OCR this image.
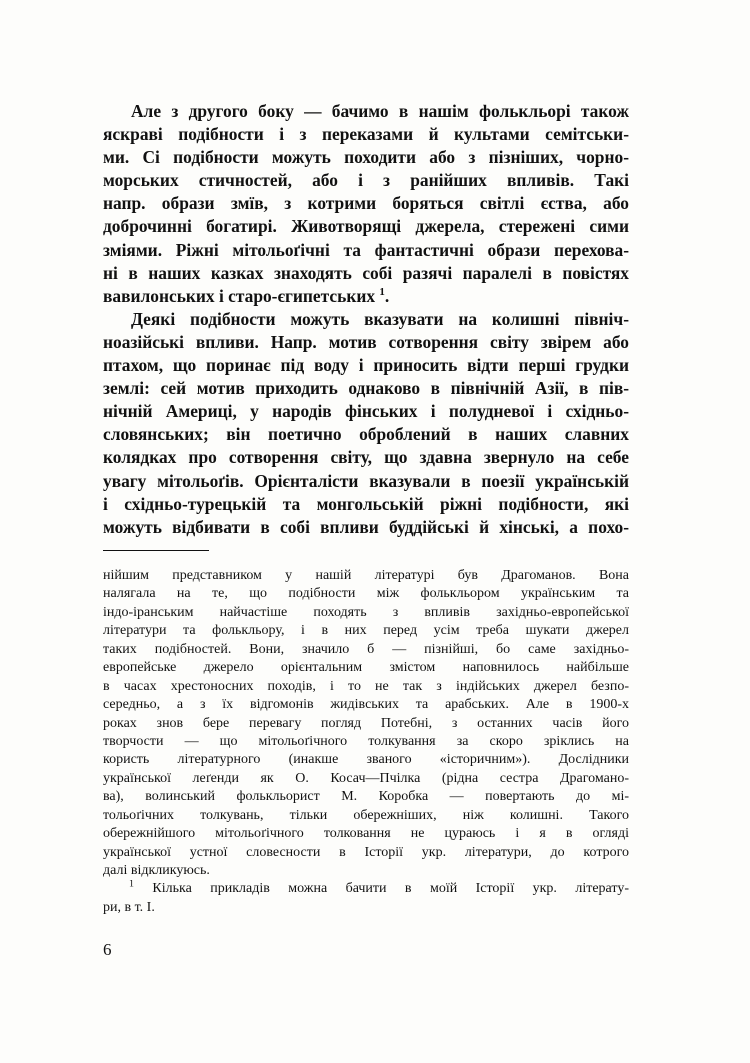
Але з другого боку — бачимо в нашім фолькльорі також
яскраві подібности і з переказами й культами семітськи-
ми. Сі подібности можуть походити або з пізніших, чорно-
морських стичностей, або і з ранійших впливів. Такі
напр. образи змїв, з котрими боряться світлі єства, або
доброчинні богатирі. Животворящі джерела, стережені сими
зміями. Ріжні мітольоґічні та фантастичні образи перехова-
ні в наших казках знаходять собі разячі паралелі в повістях
вавилонських і старо-єгипетських $^1$.
Деякі подібности можуть вказувати на колишні північ-
ноазійські впливи. Напр. мотив сотворення світу звірем або
птахом, що поринає під воду і приносить відти перші грудки
землі: сей мотив приходить однаково в північній Азії, в пів-
нічній Америці, у народів фінських і полудневої і східньо-
словянських; він поетично оброблений в наших славних
колядках про сотворення світу, що здавна звернуло на себе
увагу мітольоґів. Орієнталісти вказували в поезії українській
і східньо-турецькій та монгольській ріжні подібности, які
можуть відбивати в собі впливи буддійські й хінські, а похо-
нійшим представником у нашій літературі був Драгоманов. Вона
налягала на те, що подібности між фолькльором українським та
індо-іранським найчастіше походять з впливів західньо-европейської
літератури та фолькльору, і в них перед усім треба шукати джерел
таких подібностей. Вони, значило б — пізнійші, бо саме західньо-
европейське джерело орієнтальним змістом наповнилось найбільше
в часах хрестоносних походів, і то не так з індійських джерел безпо-
середньо, а з їх відгомонів жидівських та арабських. Але в 1900-х
роках знов бере перевагу погляд Потебні, з останних часів його
творчости — що мітольоґічного толкування за скоро зріклись на
користь літературного (инакше званого «історичним»). Дослідники
української леґенди як О. Косач—Пчілка (рідна сестра Драгомано-
ва), волинський фолькльорист М. Коробка — повертають до мі-
тольоґічних толкувань, тільки обережніших, ніж колишні. Такого
обережнійшого мітольоґічного толковання не цураюсь і я в огляді
української устної словесности в Історії укр. літератури, до котрого
далі відкликуюсь.
$^1$ Кілька прикладів можна бачити в моїй Історії укр. літерату-
ри, в т. І.
6
